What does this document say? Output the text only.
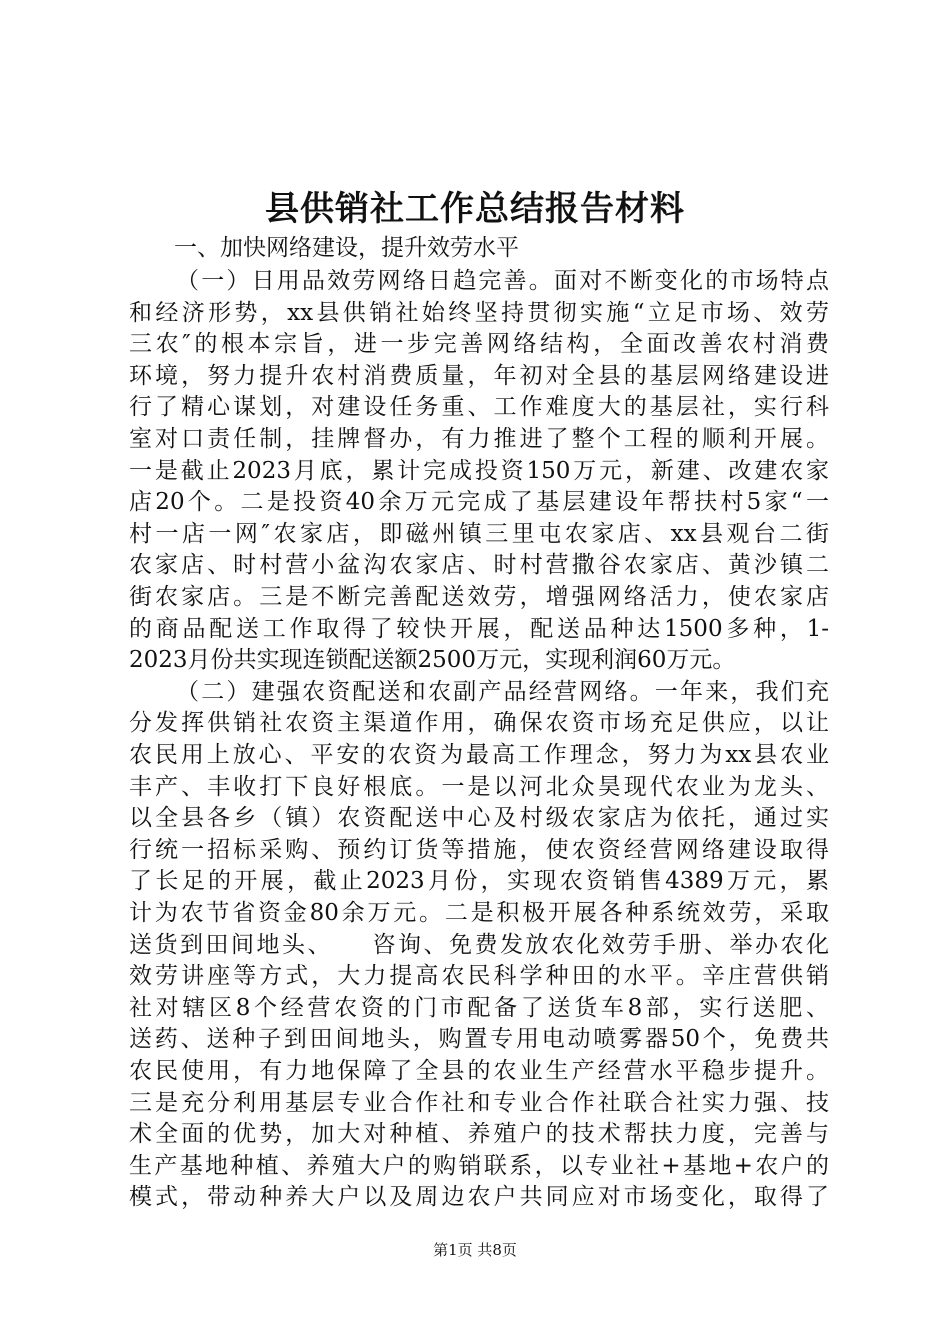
县供销社工作总结报告材料
一、加快网络建设，提升效劳水平
（一）日用品效劳网络日趋完善。面对不断变化的市场特点
和经济形势，xx县供销社始终坚持贯彻实施“立足市场、效劳
三农″的根本宗旨，进一步完善网络结构，全面改善农村消费
环境，努力提升农村消费质量，年初对全县的基层网络建设进
行了精心谋划，对建设任务重、工作难度大的基层社，实行科
室对口责任制，挂牌督办，有力推进了整个工程的顺利开展。
一是截止2023月底，累计完成投资150万元，新建、改建农家
店20个。二是投资40余万元完成了基层建设年帮扶村5家“一
村一店一网″农家店，即磁州镇三里屯农家店、xx县观台二街
农家店、时村营小盆沟农家店、时村营撒谷农家店、黄沙镇二
街农家店。三是不断完善配送效劳，增强网络活力，使农家店
的商品配送工作取得了较快开展，配送品种达1500多种，1-
2023月份共实现连锁配送额2500万元，实现利润60万元。
（二）建强农资配送和农副产品经营网络。一年来，我们充
分发挥供销社农资主渠道作用，确保农资市场充足供应，以让
农民用上放心、平安的农资为最高工作理念，努力为xx县农业
丰产、丰收打下良好根底。一是以河北众昊现代农业为龙头、
以全县各乡（镇）农资配送中心及村级农家店为依托，通过实
行统一招标采购、预约订货等措施，使农资经营网络建设取得
了长足的开展，截止2023月份，实现农资销售4389万元，累
计为农节省资金80余万元。二是积极开展各种系统效劳，采取
送货到田间地头、　　咨询、免费发放农化效劳手册、举办农化
效劳讲座等方式，大力提高农民科学种田的水平。辛庄营供销
社对辖区8个经营农资的门市配备了送货车8部，实行送肥、
送药、送种子到田间地头，购置专用电动喷雾器50个，免费共
农民使用，有力地保障了全县的农业生产经营水平稳步提升。
三是充分利用基层专业合作社和专业合作社联合社实力强、技
术全面的优势，加大对种植、养殖户的技术帮扶力度，完善与
生产基地种植、养殖大户的购销联系，以专业社+基地+农户的
第1页 共8页
模式，带动种养大户以及周边农户共同应对市场变化，取得了
